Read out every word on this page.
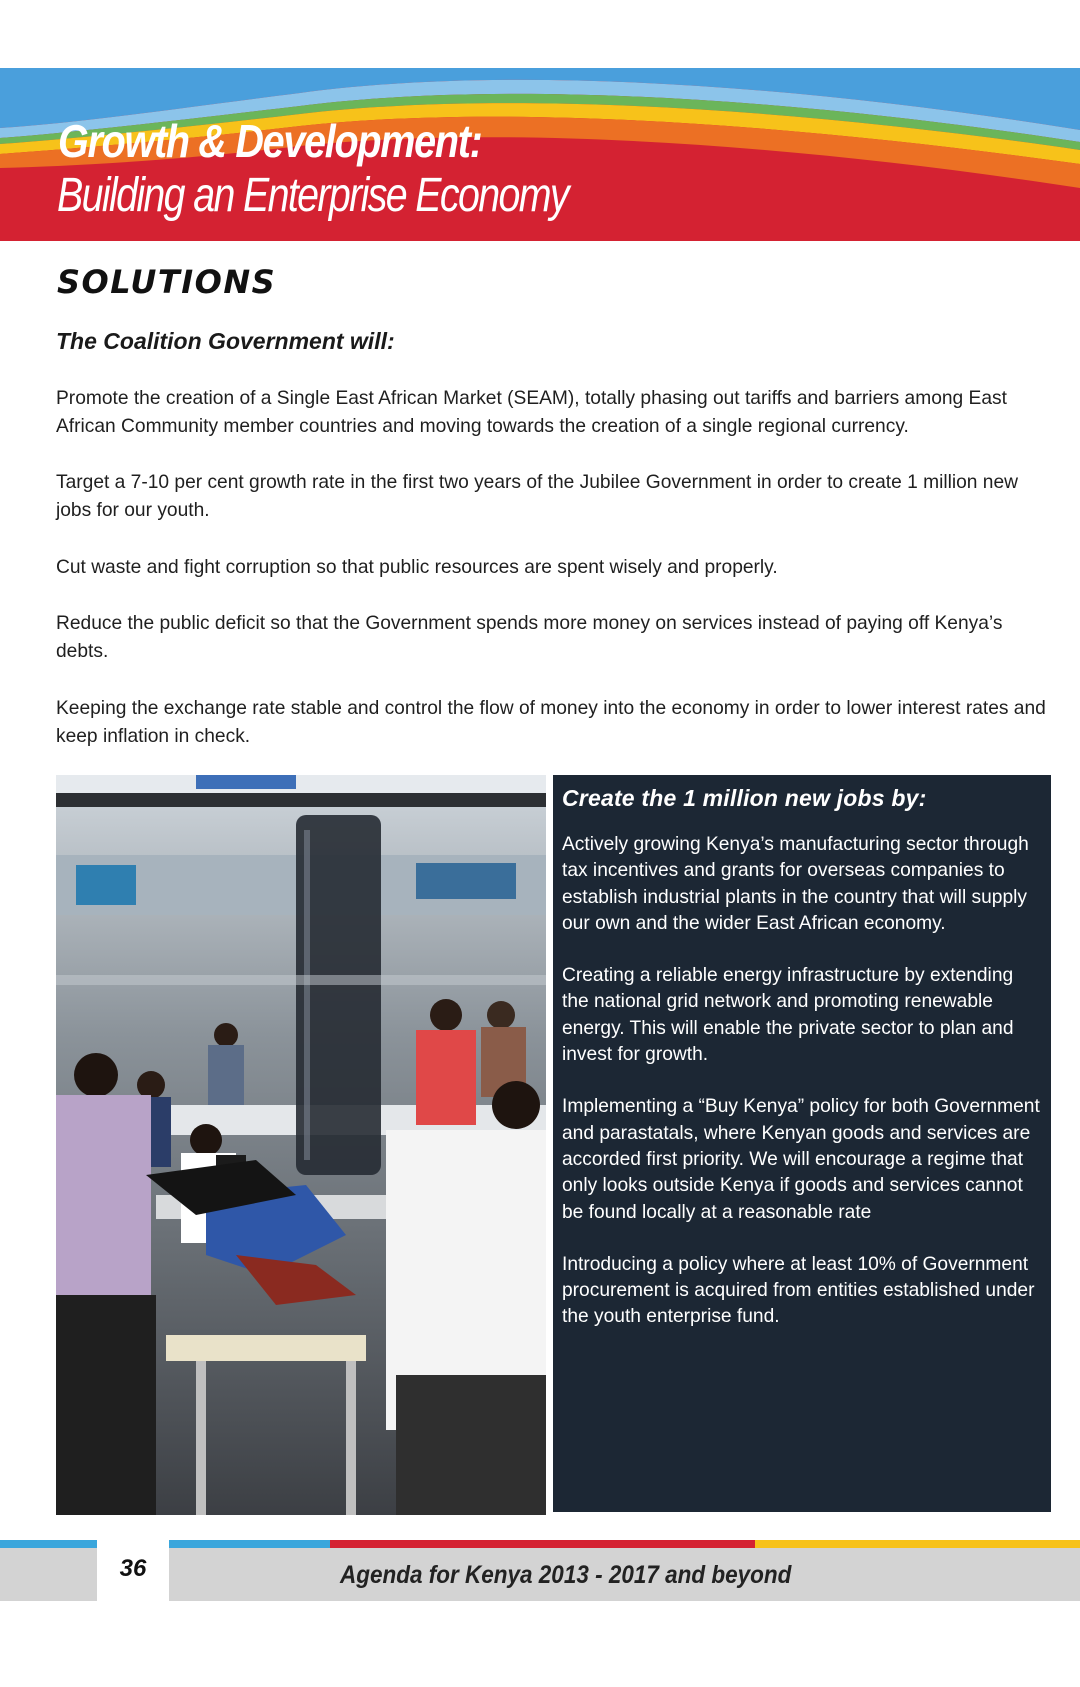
Growth & Development:
Building an Enterprise Economy
SOLUTIONS
The Coalition Government will:

Promote the creation of a Single East African Market (SEAM), totally phasing out tariffs and barriers among East African Community member countries and moving towards the creation of a single regional currency.

Target a 7-10 per cent growth rate in the first two years of the Jubilee Government in order to create 1 million new jobs for our youth.

Cut waste and fight corruption so that public resources are spent wisely and properly.

Reduce the public deficit so that the Government spends more money on services instead of paying off Kenya’s debts.

Keeping the exchange rate stable and control the flow of money into the economy in order to lower interest rates and keep inflation in check.

Create the 1 million new jobs by:

Actively growing Kenya’s manufacturing sector through tax incentives and grants for overseas companies to establish industrial plants in the country that will supply our own and the wider East African economy.

Creating a reliable energy infrastructure by extending the national grid network and promoting renewable energy. This will enable the private sector to plan and invest for growth.

Implementing a “Buy Kenya” policy for both Government and parastatals, where Kenyan goods and services are accorded first priority. We will encourage a regime that only looks outside Kenya if goods and services cannot be found locally at a reasonable rate

Introducing a policy where at least 10% of Government procurement is acquired from entities established under the youth enterprise fund.

36	Agenda for Kenya 2013 - 2017 and beyond
